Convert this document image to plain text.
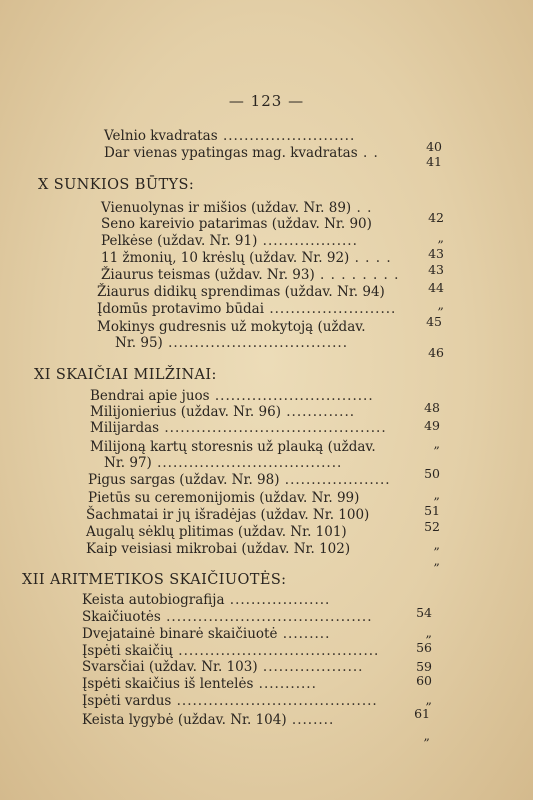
— 123 —
Velnio kvadratas .........................
40
Dar vienas ypatingas mag. kvadratas . .
41
X SUNKIOS BŪTYS:
Vienuolynas ir mišios (uždav. Nr. 89) . .
42
Seno kareivio patarimas (uždav. Nr. 90)
„
Pelkėse (uždav. Nr. 91) ..................
43
11 žmonių, 10 krėslų (uždav. Nr. 92) . . . .
43
Žiaurus teismas (uždav. Nr. 93) . . . . . . . .
44
Žiaurus didikų sprendimas (uždav. Nr. 94)
„
Įdomūs protavimo būdai ........................
45
Mokinys gudresnis už mokytoją (uždav.
Nr. 95) ..................................
46
XI SKAIČIAI MILŽINAI:
Bendrai apie juos ..............................
48
Milijonierius (uždav. Nr. 96) .............
49
Milijardas ..........................................
„
Milijoną kartų storesnis už plauką (uždav.
Nr. 97) ...................................
50
Pigus sargas (uždav. Nr. 98) ....................
„
Pietūs su ceremonijomis (uždav. Nr. 99)
51
Šachmatai ir jų išradėjas (uždav. Nr. 100)
52
Augalų sėklų plitimas (uždav. Nr. 101)
„
Kaip veisiasi mikrobai (uždav. Nr. 102)
„
XII ARITMETIKOS SKAIČIUOTĖS:
Keista autobiografija ...................
54
Skaičiuotės .......................................
„
Dvejatainė binarė skaičiuotė .........
56
Įspėti skaičių ......................................
59
Svarsčiai (uždav. Nr. 103) ...................
60
Įspėti skaičius iš lentelės ...........
„
Įspėti vardus ......................................
61
Keista lygybė (uždav. Nr. 104) ........
„
